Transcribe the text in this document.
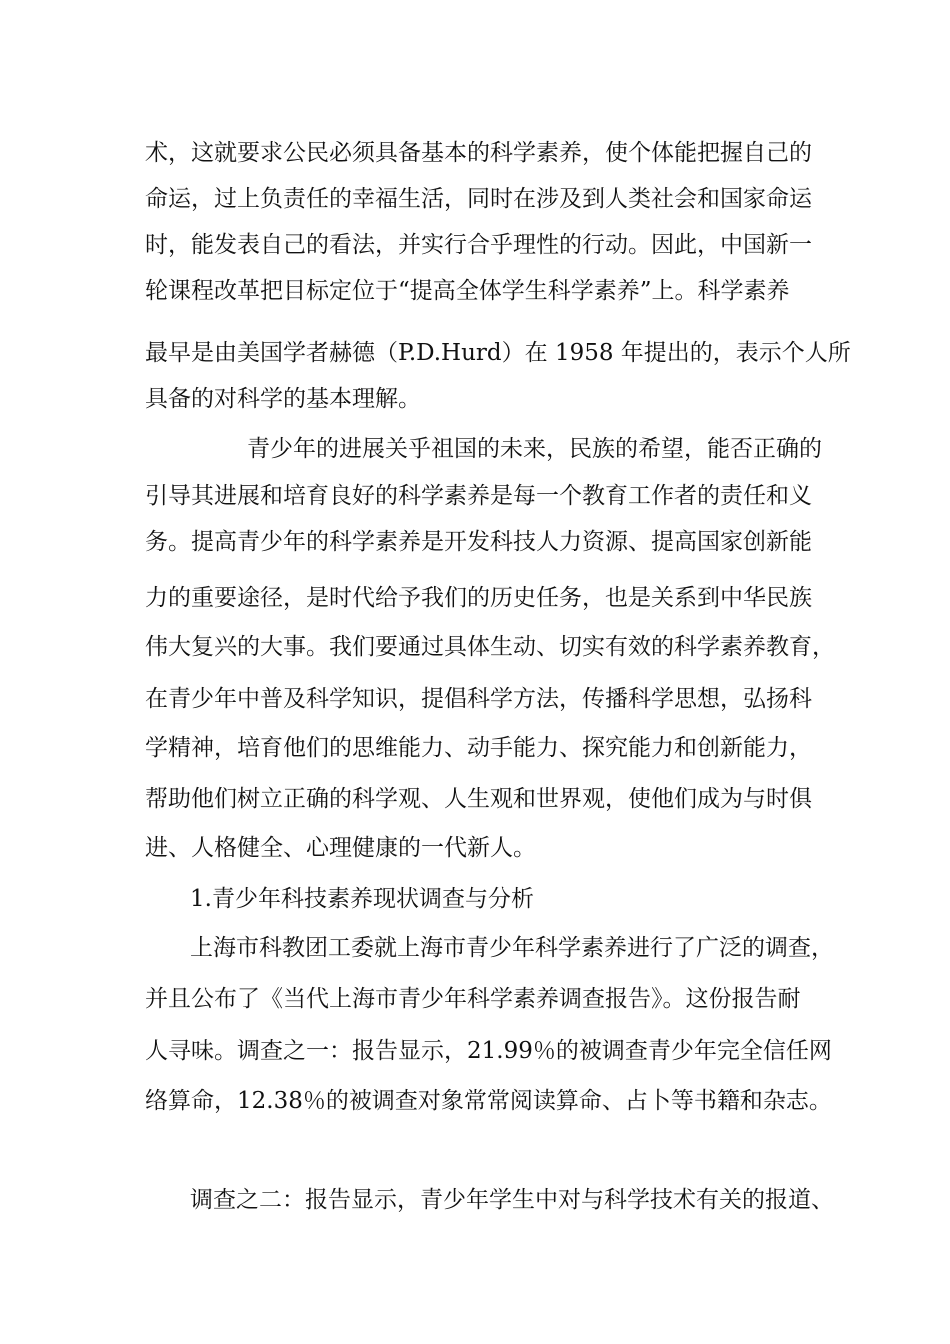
术，这就要求公民必须具备基本的科学素养，使个体能把握自己的
命运，过上负责任的幸福生活，同时在涉及到人类社会和国家命运
时，能发表自己的看法，并实行合乎理性的行动。因此，中国新一
轮课程改革把目标定位于“提高全体学生科学素养”上。科学素养
最早是由美国学者赫德（P.D.Hurd）在 1958 年提出的，表示个人所
具备的对科学的基本理解。
青少年的进展关乎祖国的未来，民族的希望，能否正确的
引导其进展和培育良好的科学素养是每一个教育工作者的责任和义
务。提高青少年的科学素养是开发科技人力资源、提高国家创新能
力的重要途径，是时代给予我们的历史任务，也是关系到中华民族
伟大复兴的大事。我们要通过具体生动、切实有效的科学素养教育，
在青少年中普及科学知识，提倡科学方法，传播科学思想，弘扬科
学精神，培育他们的思维能力、动手能力、探究能力和创新能力，
帮助他们树立正确的科学观、人生观和世界观，使他们成为与时俱
进、人格健全、心理健康的一代新人。
1.青少年科技素养现状调查与分析
上海市科教团工委就上海市青少年科学素养进行了广泛的调查，
并且公布了《当代上海市青少年科学素养调查报告》。这份报告耐
人寻味。调查之一：报告显示，21.99％的被调查青少年完全信任网
络算命，12.38％的被调查对象常常阅读算命、占卜等书籍和杂志。
调查之二：报告显示，青少年学生中对与科学技术有关的报道、
